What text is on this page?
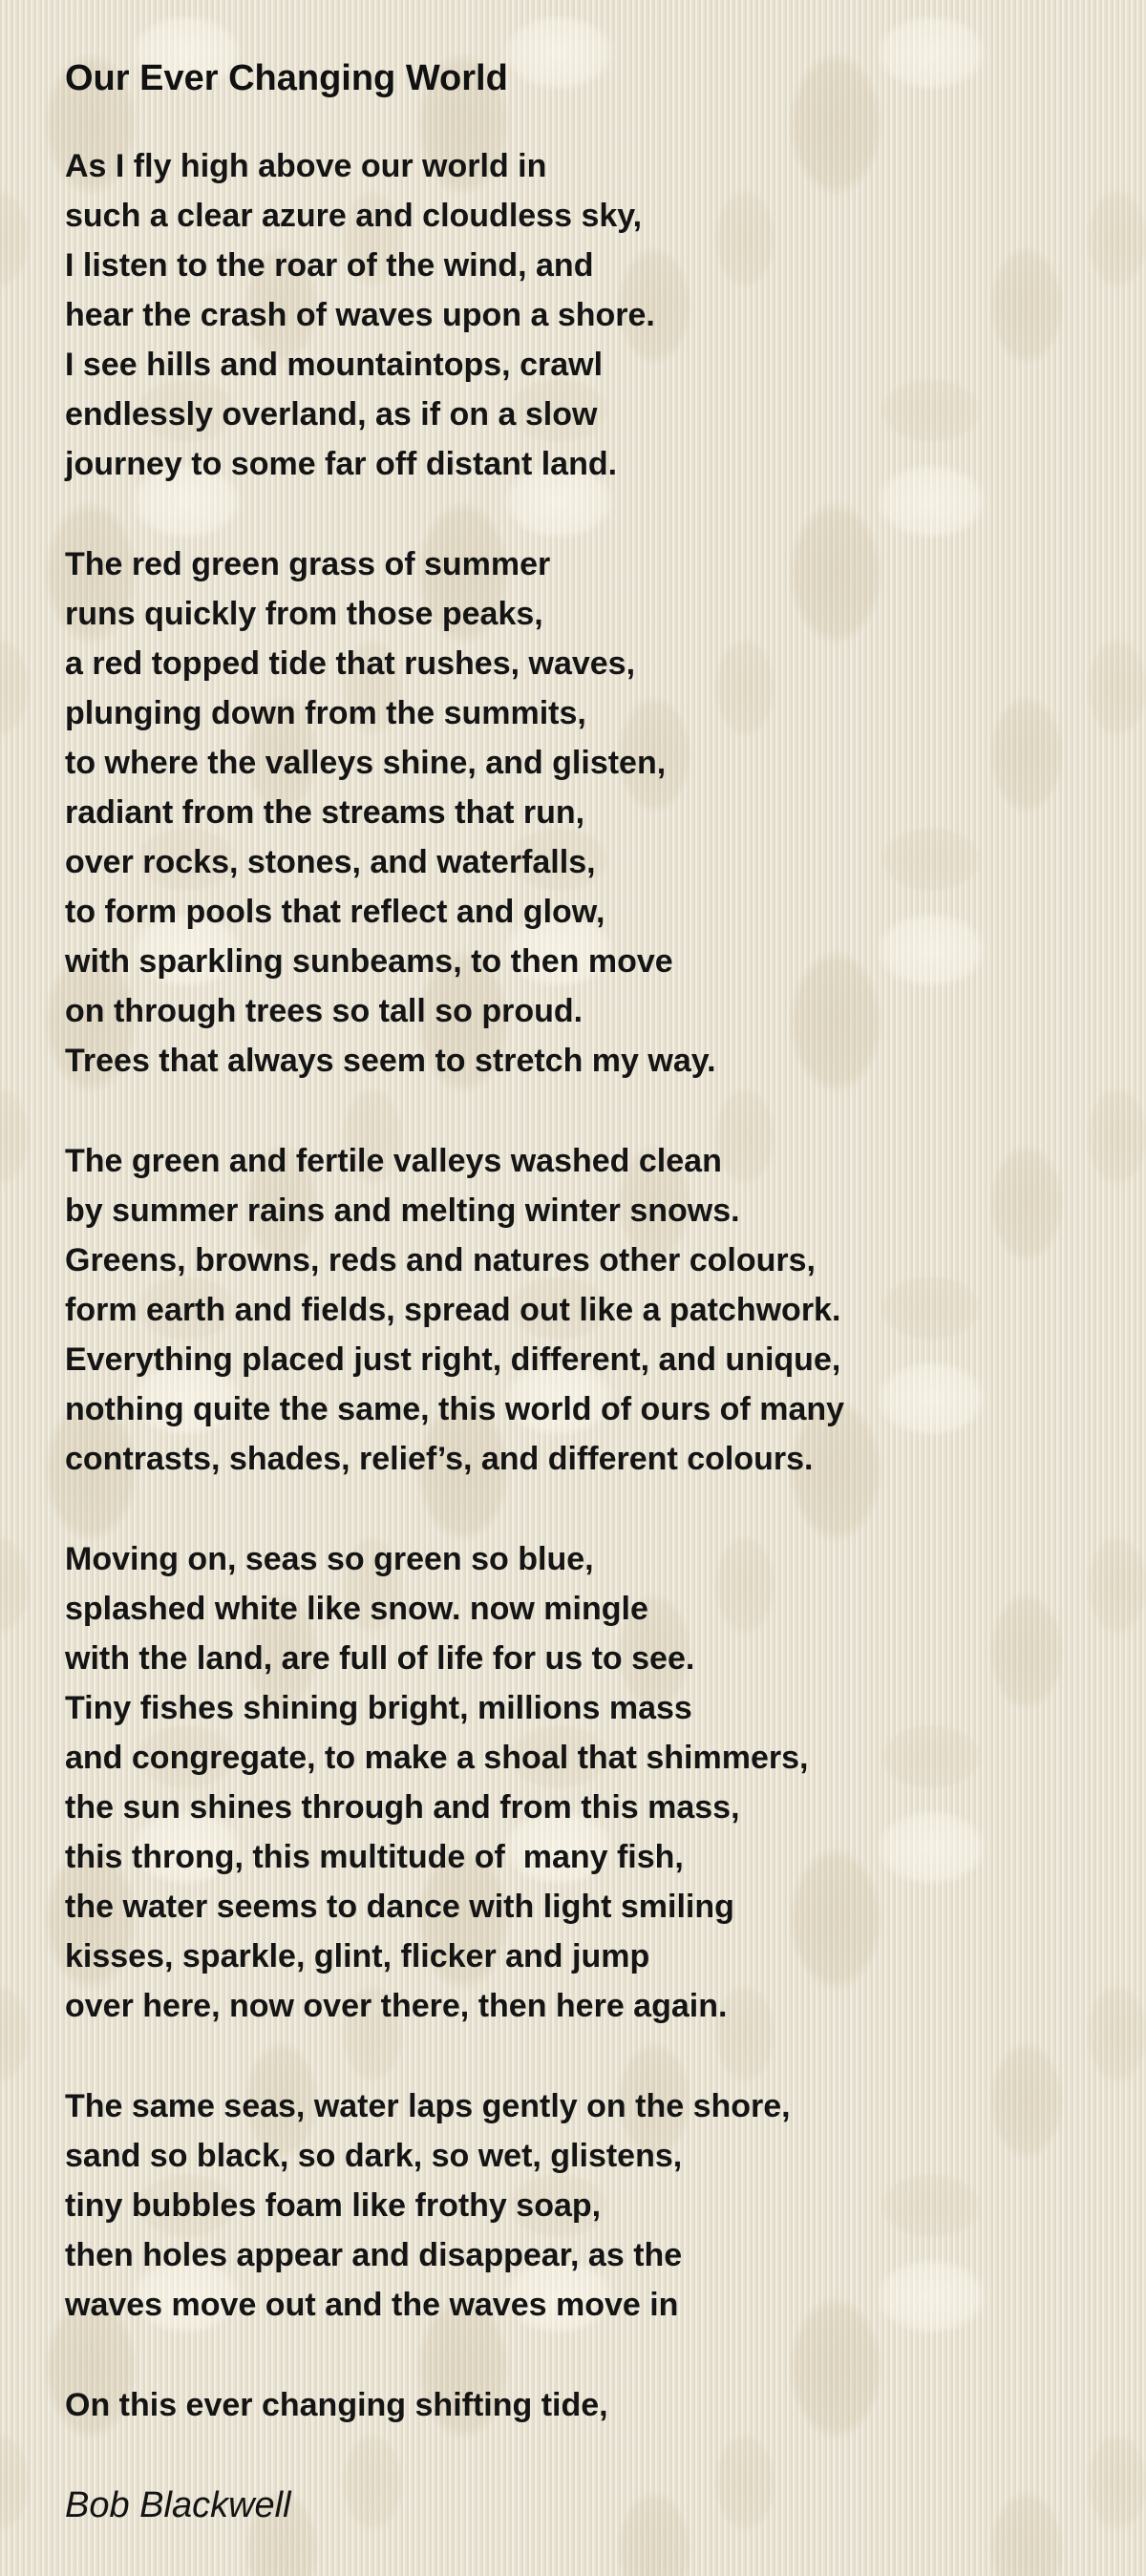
Our Ever Changing World
As I fly high above our world in
such a clear azure and cloudless sky,
I listen to the roar of the wind, and
hear the crash of waves upon a shore.
I see hills and mountaintops, crawl
endlessly overland, as if on a slow
journey to some far off distant land.
The red green grass of summer
runs quickly from those peaks,
a red topped tide that rushes, waves,
plunging down from the summits,
to where the valleys shine, and glisten,
radiant from the streams that run,
over rocks, stones, and waterfalls,
to form pools that reflect and glow,
with sparkling sunbeams, to then move
on through trees so tall so proud.
Trees that always seem to stretch my way.
The green and fertile valleys washed clean
by summer rains and melting winter snows.
Greens, browns, reds and natures other colours,
form earth and fields, spread out like a patchwork.
Everything placed just right, different, and unique,
nothing quite the same, this world of ours of many
contrasts, shades, relief’s, and different colours.
Moving on, seas so green so blue,
splashed white like snow. now mingle
with the land, are full of life for us to see.
Tiny fishes shining bright, millions mass
and congregate, to make a shoal that shimmers,
the sun shines through and from this mass,
this throng, this multitude of  many fish,
the water seems to dance with light smiling
kisses, sparkle, glint, flicker and jump
over here, now over there, then here again.
The same seas, water laps gently on the shore,
sand so black, so dark, so wet, glistens,
tiny bubbles foam like frothy soap,
then holes appear and disappear, as the
waves move out and the waves move in
On this ever changing shifting tide,
Bob Blackwell
